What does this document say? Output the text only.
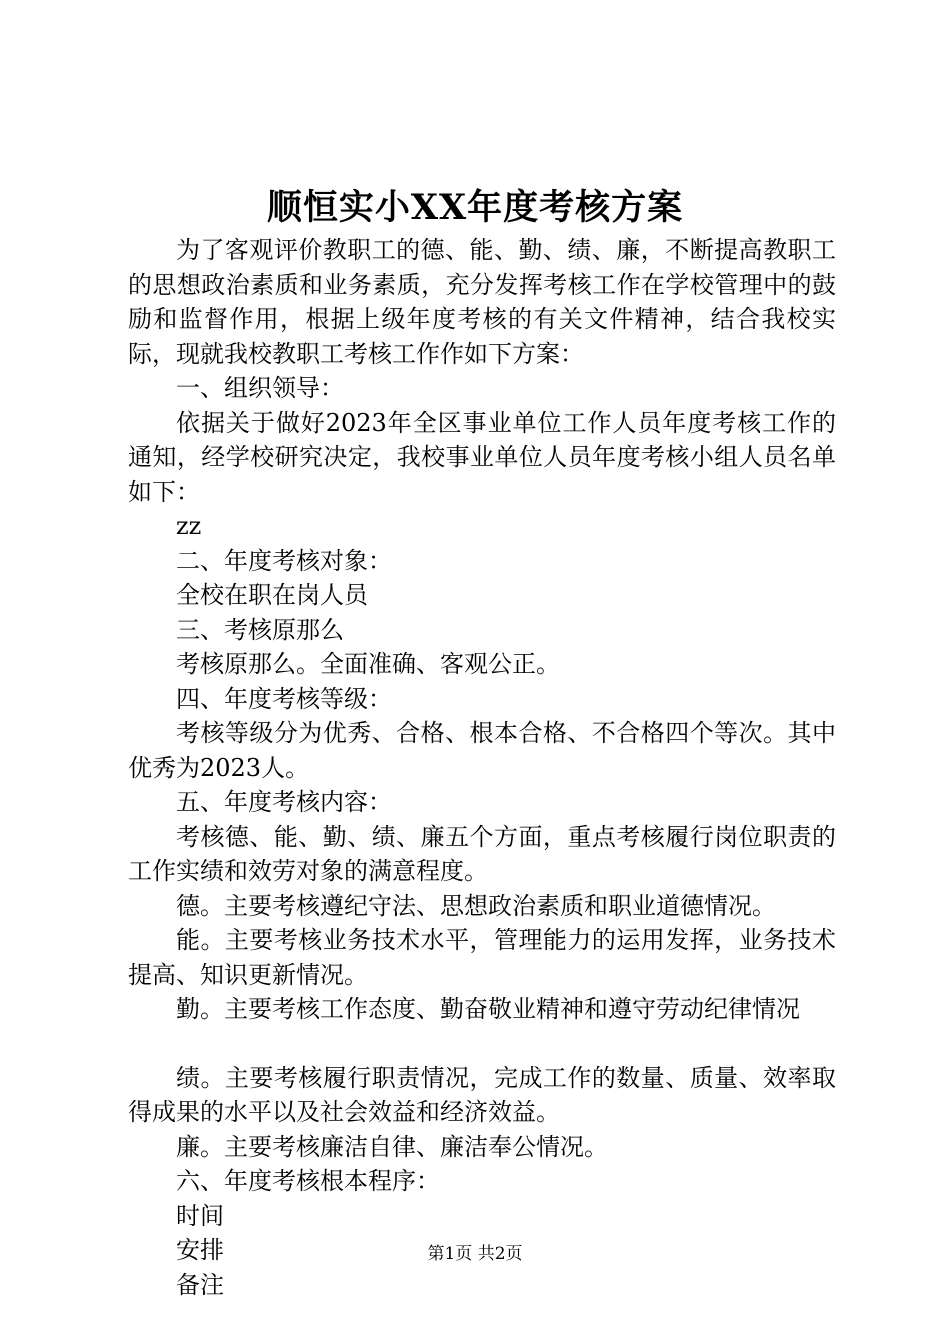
顺恒实小XX年度考核方案

为了客观评价教职工的德、能、勤、绩、廉，不断提高教职工的思想政治素质和业务素质，充分发挥考核工作在学校管理中的鼓励和监督作用，根据上级年度考核的有关文件精神，结合我校实际，现就我校教职工考核工作作如下方案：

一、组织领导：

依据关于做好2023年全区事业单位工作人员年度考核工作的通知，经学校研究决定，我校事业单位人员年度考核小组人员名单如下：

zz

二、年度考核对象：

全校在职在岗人员

三、考核原那么

考核原那么。全面准确、客观公正。

四、年度考核等级：

考核等级分为优秀、合格、根本合格、不合格四个等次。其中优秀为2023人。

五、年度考核内容：

考核德、能、勤、绩、廉五个方面，重点考核履行岗位职责的工作实绩和效劳对象的满意程度。

德。主要考核遵纪守法、思想政治素质和职业道德情况。

能。主要考核业务技术水平，管理能力的运用发挥，业务技术提高、知识更新情况。

勤。主要考核工作态度、勤奋敬业精神和遵守劳动纪律情况

绩。主要考核履行职责情况，完成工作的数量、质量、效率取得成果的水平以及社会效益和经济效益。

廉。主要考核廉洁自律、廉洁奉公情况。

六、年度考核根本程序：

时间

安排

备注

第1页 共2页
